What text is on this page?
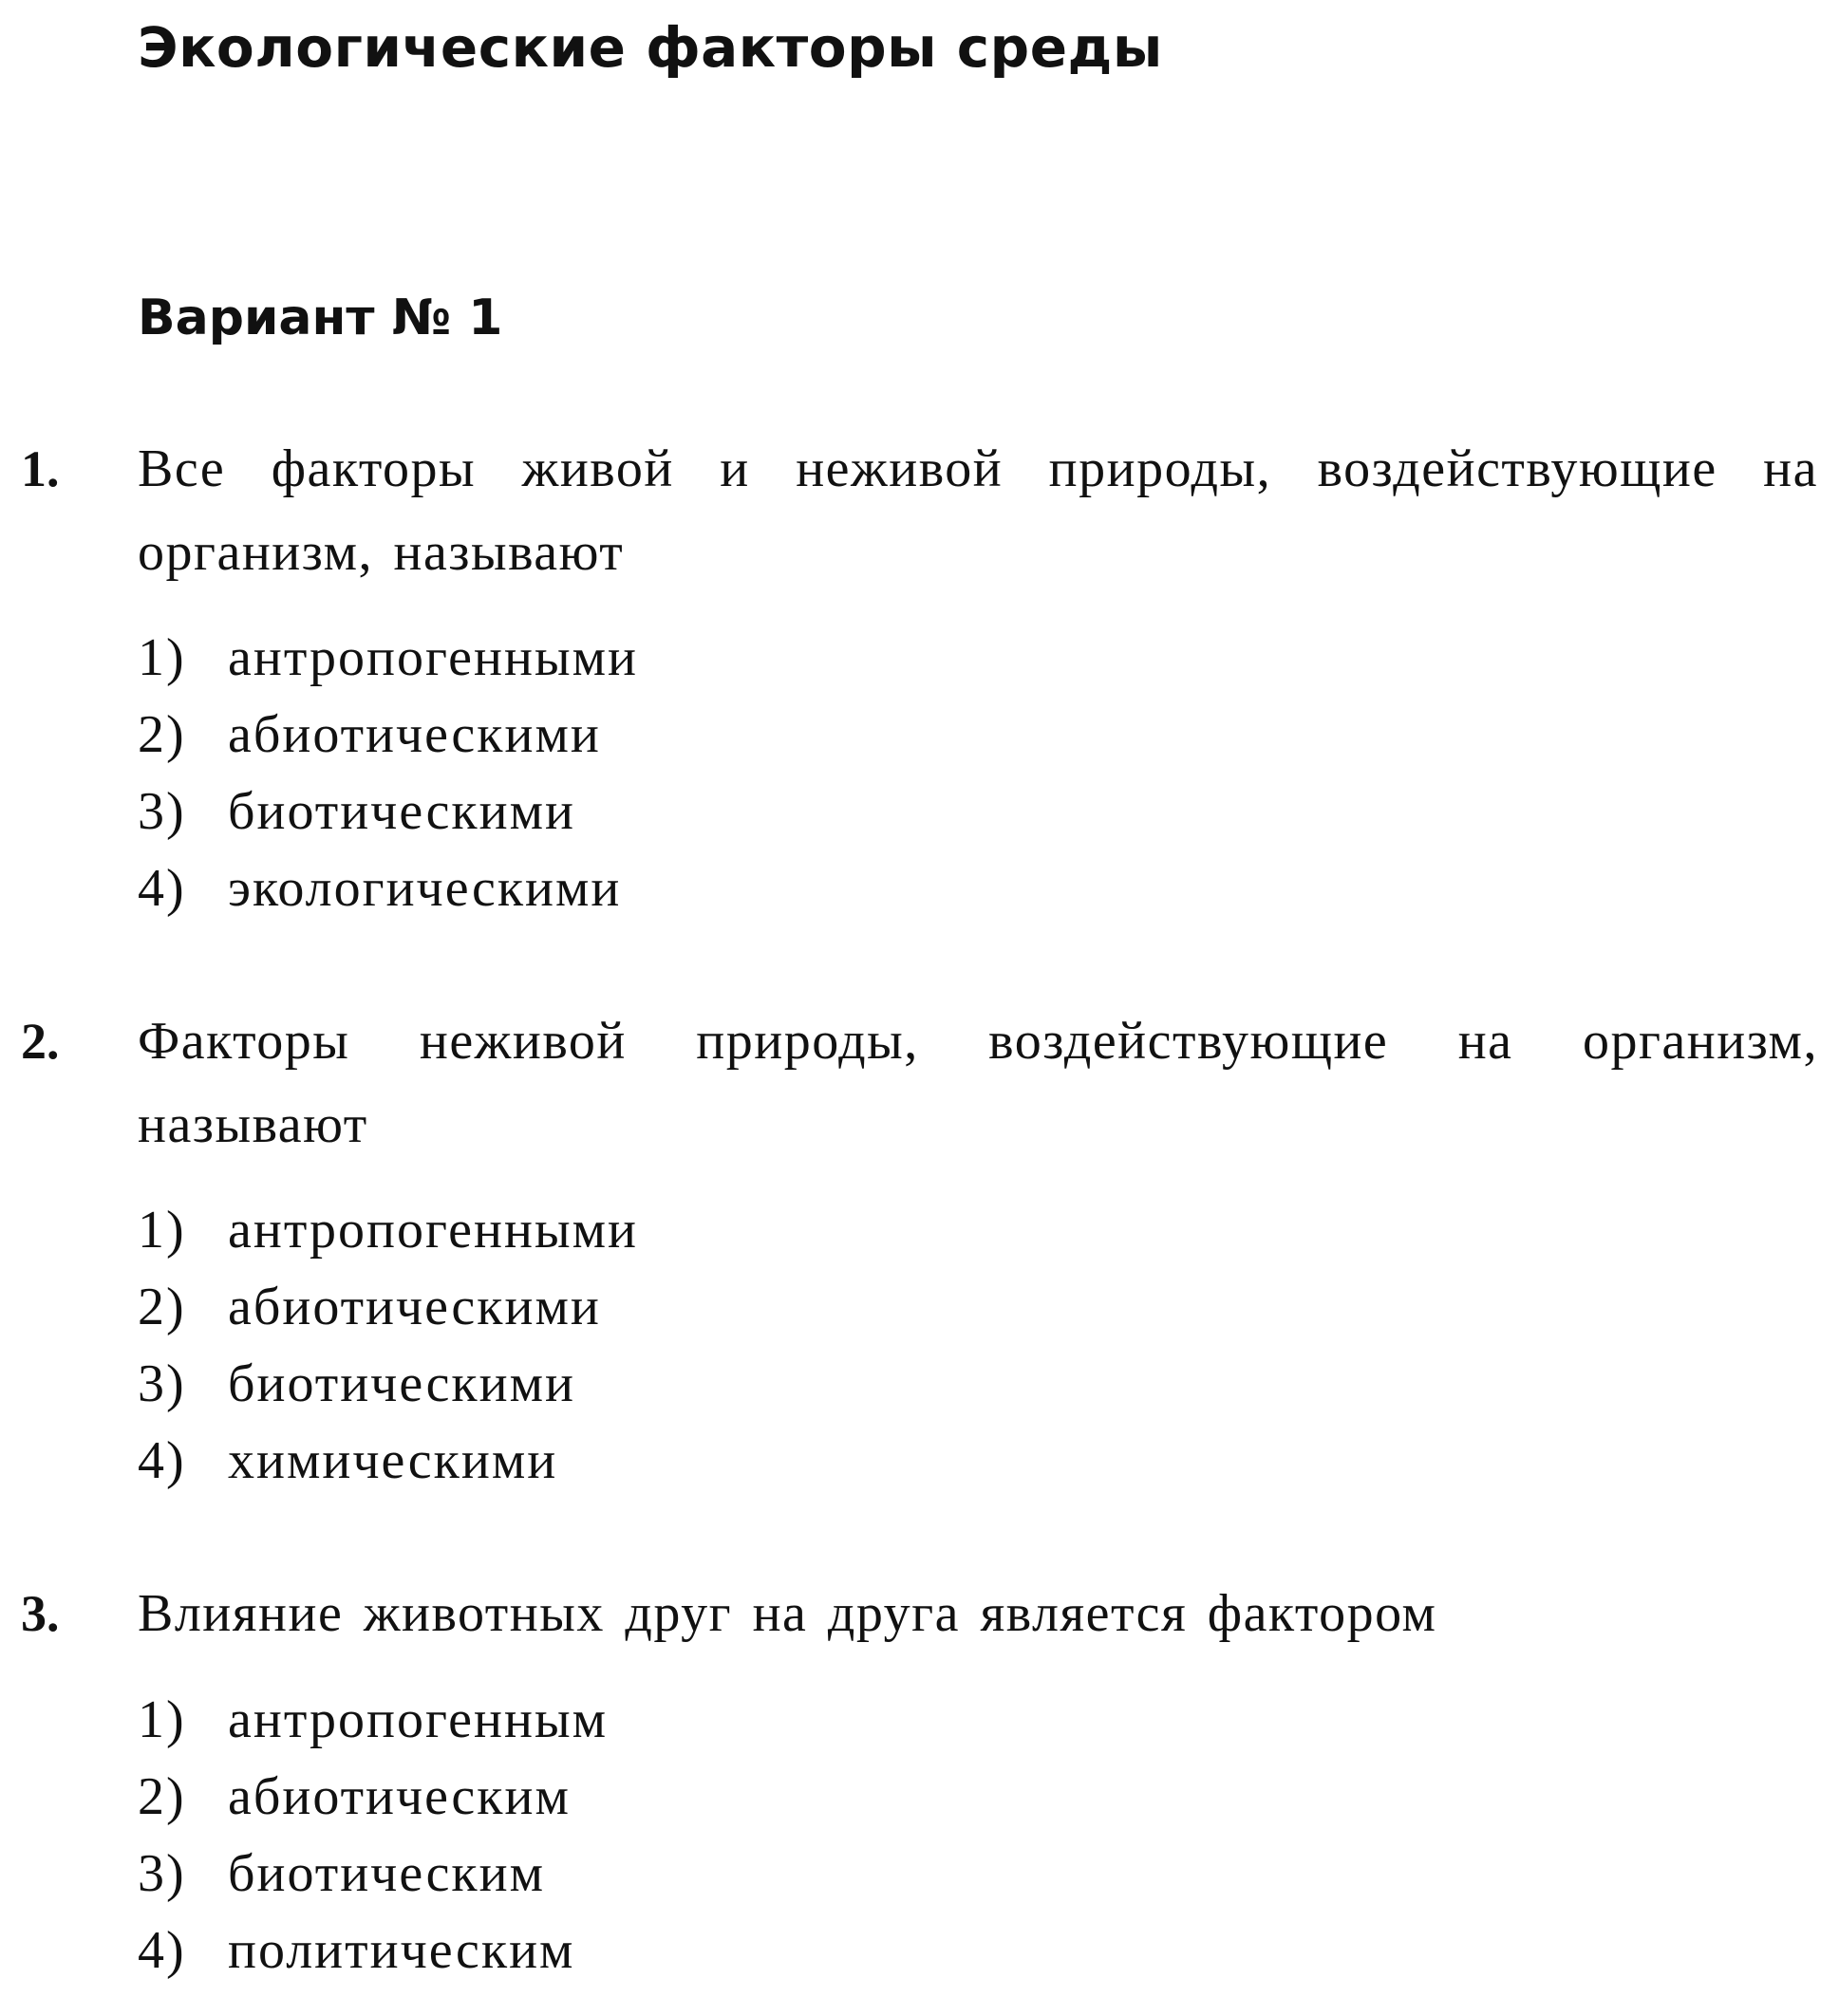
Экологические факторы среды
Вариант № 1
1. Все факторы живой и неживой природы, воздействующие на организм, называют
1) антропогенными
2) абиотическими
3) биотическими
4) экологическими
2. Факторы неживой природы, воздействующие на организм, называют
1) антропогенными
2) абиотическими
3) биотическими
4) химическими
3. Влияние животных друг на друга является фактором
1) антропогенным
2) абиотическим
3) биотическим
4) политическим
